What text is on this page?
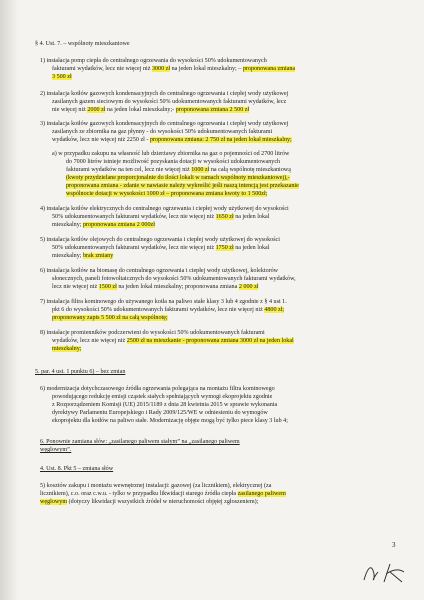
1) instalacja pomp ciepła do centralnego ogrzewania do wysokości 50% udokumentowanych
fakturami wydatków, lecz nie więcej niż 3000 zł na jeden lokal mieszkalny; – proponowana zmiana
3 500 zł
2) instalacja kotłów gazowych kondensacyjnych do centralnego ogrzewania i ciepłej wody użytkowej
zasilanych gazem sieciowym do wysokości 50% udokumentowanych fakturami wydatków, lecz
nie więcej niż 2000 zł na jeden lokal mieszkalny;- proponowana zmiana 2 500 zł
3) instalacja kotłów gazowych kondensacyjnych do centralnego ogrzewania i ciepłej wody użytkowej
zasilanych ze zbiornika na gaz płynny - do wysokości 50% udokumentowanych fakturami
wydatków, lecz nie więcej niż 2250 zł - proponowana zmiana: 2 750 zł na jeden lokal mieszkalny;
a) w przypadku zakupu na własność lub dzierżawy zbiornika na gaz o pojemności od 2700 litrów
do 7000 litrów istnieje możliwość pozyskania dotacji w wysokości udokumentowanych
fakturami wydatków na ten cel, lecz nie więcej niż 1000 zł na całą wspólnotę mieszkaniową
(kwoty przydzielane proporcjonalnie do ilości lokali w ramach wspólnoty mieszkaniowej),-
proponowana zmiana - zdanie w nawiasie należy wykreślić jeśli naszą intencją jest przekazanie
wspólnocie dotacji w wysokości 1000 zł – proponowana zmiana kwoty to 1 500zł;
4) instalacja kotłów elektrycznych do centralnego ogrzewania i ciepłej wody użytkowej do wysokości
50% udokumentowanych fakturami wydatków, lecz nie więcej niż 1650 zł na jeden lokal
mieszkalny; proponowana zmiana 2 000zł
5) instalacja kotłów olejowych do centralnego ogrzewania i ciepłej wody użytkowej do wysokości
50% udokumentowanych fakturami wydatków, lecz nie więcej niż 1750 zł na jeden lokal
mieszkalny; brak zmiany
6) instalacja kotłów na biomasę do centralnego ogrzewania i ciepłej wody użytkowej, kolektorów
słonecznych, paneli fotowoltaicznych do wysokości 50% udokumentowanych fakturami wydatków,
lecz nie więcej niż 1500 zł na jeden lokal mieszkalny; proponowana zmiana 2 000 zł
7) instalacja filtra kominowego do używanego kotła na paliwo stałe klasy 3 lub 4 zgodnie z § 4 ust 1.
pkt 6 do wysokości 50% udokumentowanych fakturami wydatków, lecz nie więcej niż 4800 zł;
proponowany zapis 5 500 zł na całą wspólnotę;
8) instalacje promienników podczerwieni do wysokości 50% udokumentowanych fakturami
wydatków, lecz nie więcej niż 2500 zł na mieszkanie - proponowana zmiana 3000 zł na jeden lokal
mieszkalny;
5. par. 4 ust. 1 punktu 6) – bez zmian
6) modernizacja dotychczasowego źródła ogrzewania polegająca na montażu filtra kominowego
powodującego redukcję emisji cząstek stałych spełniających wymogi ekoprojektu zgodnie
z Rozporządzeniem Komisji (UE) 2015/1189 z dnia 28 kwietnia 2015 w sprawie wykonania
dyrektywy Parlamentu Europejskiego i Rady 2009/125/WE w odniesieniu do wymogów
ekoprojektu dla kotłów na paliwo stałe. Modernizację objęte mogą być tylko piece klasy 3 lub 4;
6. Ponownie zamiana słów: „zasilanego paliwem stałym” na „zasilanego paliwem
węglowym”.
4. Ust. 8. Pkt 5 – zmiana słów
5) kosztów zakupu i montażu wewnętrznej instalacji: gazowej (za licznikiem), elektrycznej (za
licznikiem), c.o. oraz c.w.u. - tylko w przypadku likwidacji starego źródła ciepła zasilanego paliwem
węglowym (dotyczy likwidacji wszystkich źródeł w nieruchomości objętej zgłoszeniem);
§ 4. Ust. 7. – wspólnoty mieszkaniowe
3
